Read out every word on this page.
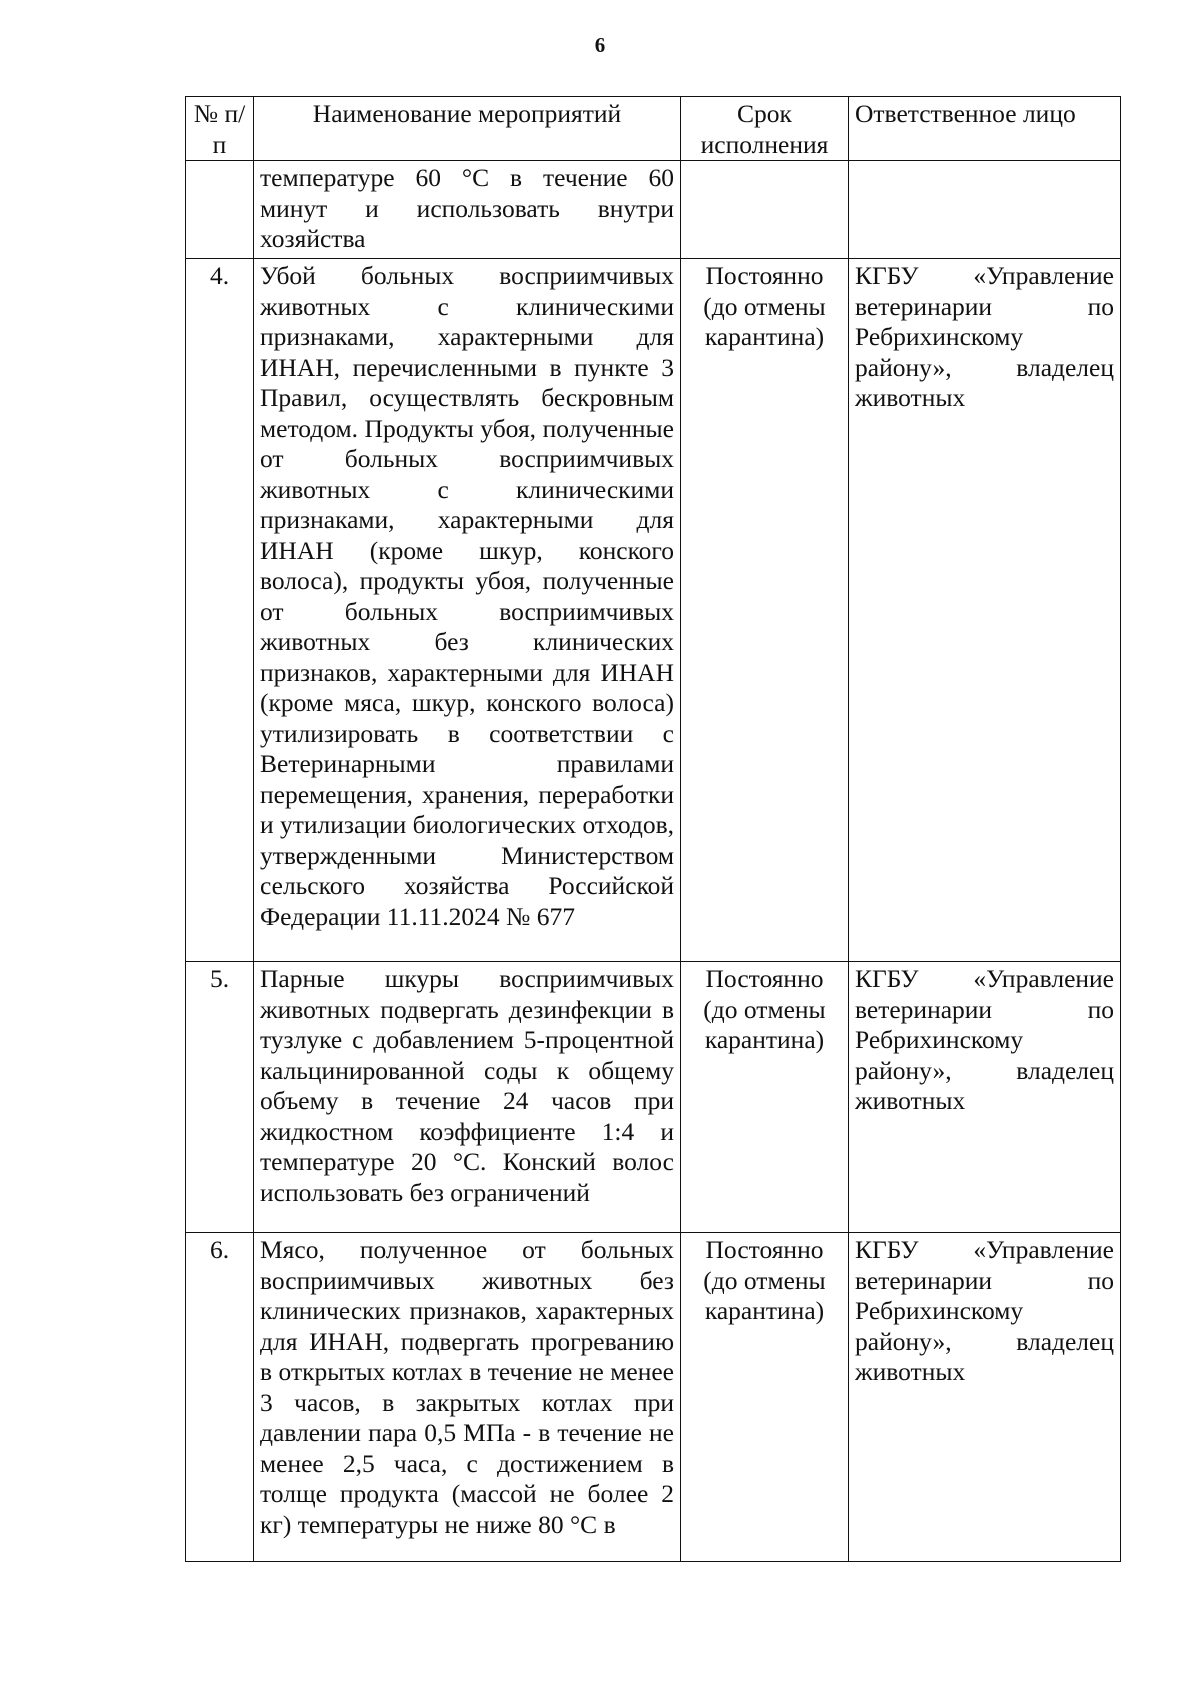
6
№ п/п	Наименование мероприятий	Срок исполнения	Ответственное лицо
	температуре 60 °С в течение 60 минут и использовать внутри хозяйства		
4.	Убой больных восприимчивых животных с клиническими признаками, характерными для ИНАН, перечисленными в пункте 3 Правил, осуществлять бескровным методом. Продукты убоя, полученные от больных восприимчивых животных с клиническими признаками, характерными для ИНАН (кроме шкур, конского волоса), продукты убоя, полученные от больных восприимчивых животных без клинических признаков, характерными для ИНАН (кроме мяса, шкур, конского волоса) утилизировать в соответствии с Ветеринарными правилами перемещения, хранения, переработки и утилизации биологических отходов, утвержденными Министерством сельского хозяйства Российской Федерации 11.11.2024 № 677	Постоянно (до отмены карантина)	КГБУ «Управление ветеринарии по Ребрихинскому району», владелец животных
5.	Парные шкуры восприимчивых животных подвергать дезинфекции в тузлуке с добавлением 5-процентной кальцинированной соды к общему объему в течение 24 часов при жидкостном коэффициенте 1:4 и температуре 20 °С. Конский волос использовать без ограничений	Постоянно (до отмены карантина)	КГБУ «Управление ветеринарии по Ребрихинскому району», владелец животных
6.	Мясо, полученное от больных восприимчивых животных без клинических признаков, характерных для ИНАН, подвергать прогреванию в открытых котлах в течение не менее 3 часов, в закрытых котлах при давлении пара 0,5 МПа - в течение не менее 2,5 часа, с достижением в толще продукта (массой не более 2 кг) температуры не ниже 80 °С в	Постоянно (до отмены карантина)	КГБУ «Управление ветеринарии по Ребрихинскому району», владелец животных
